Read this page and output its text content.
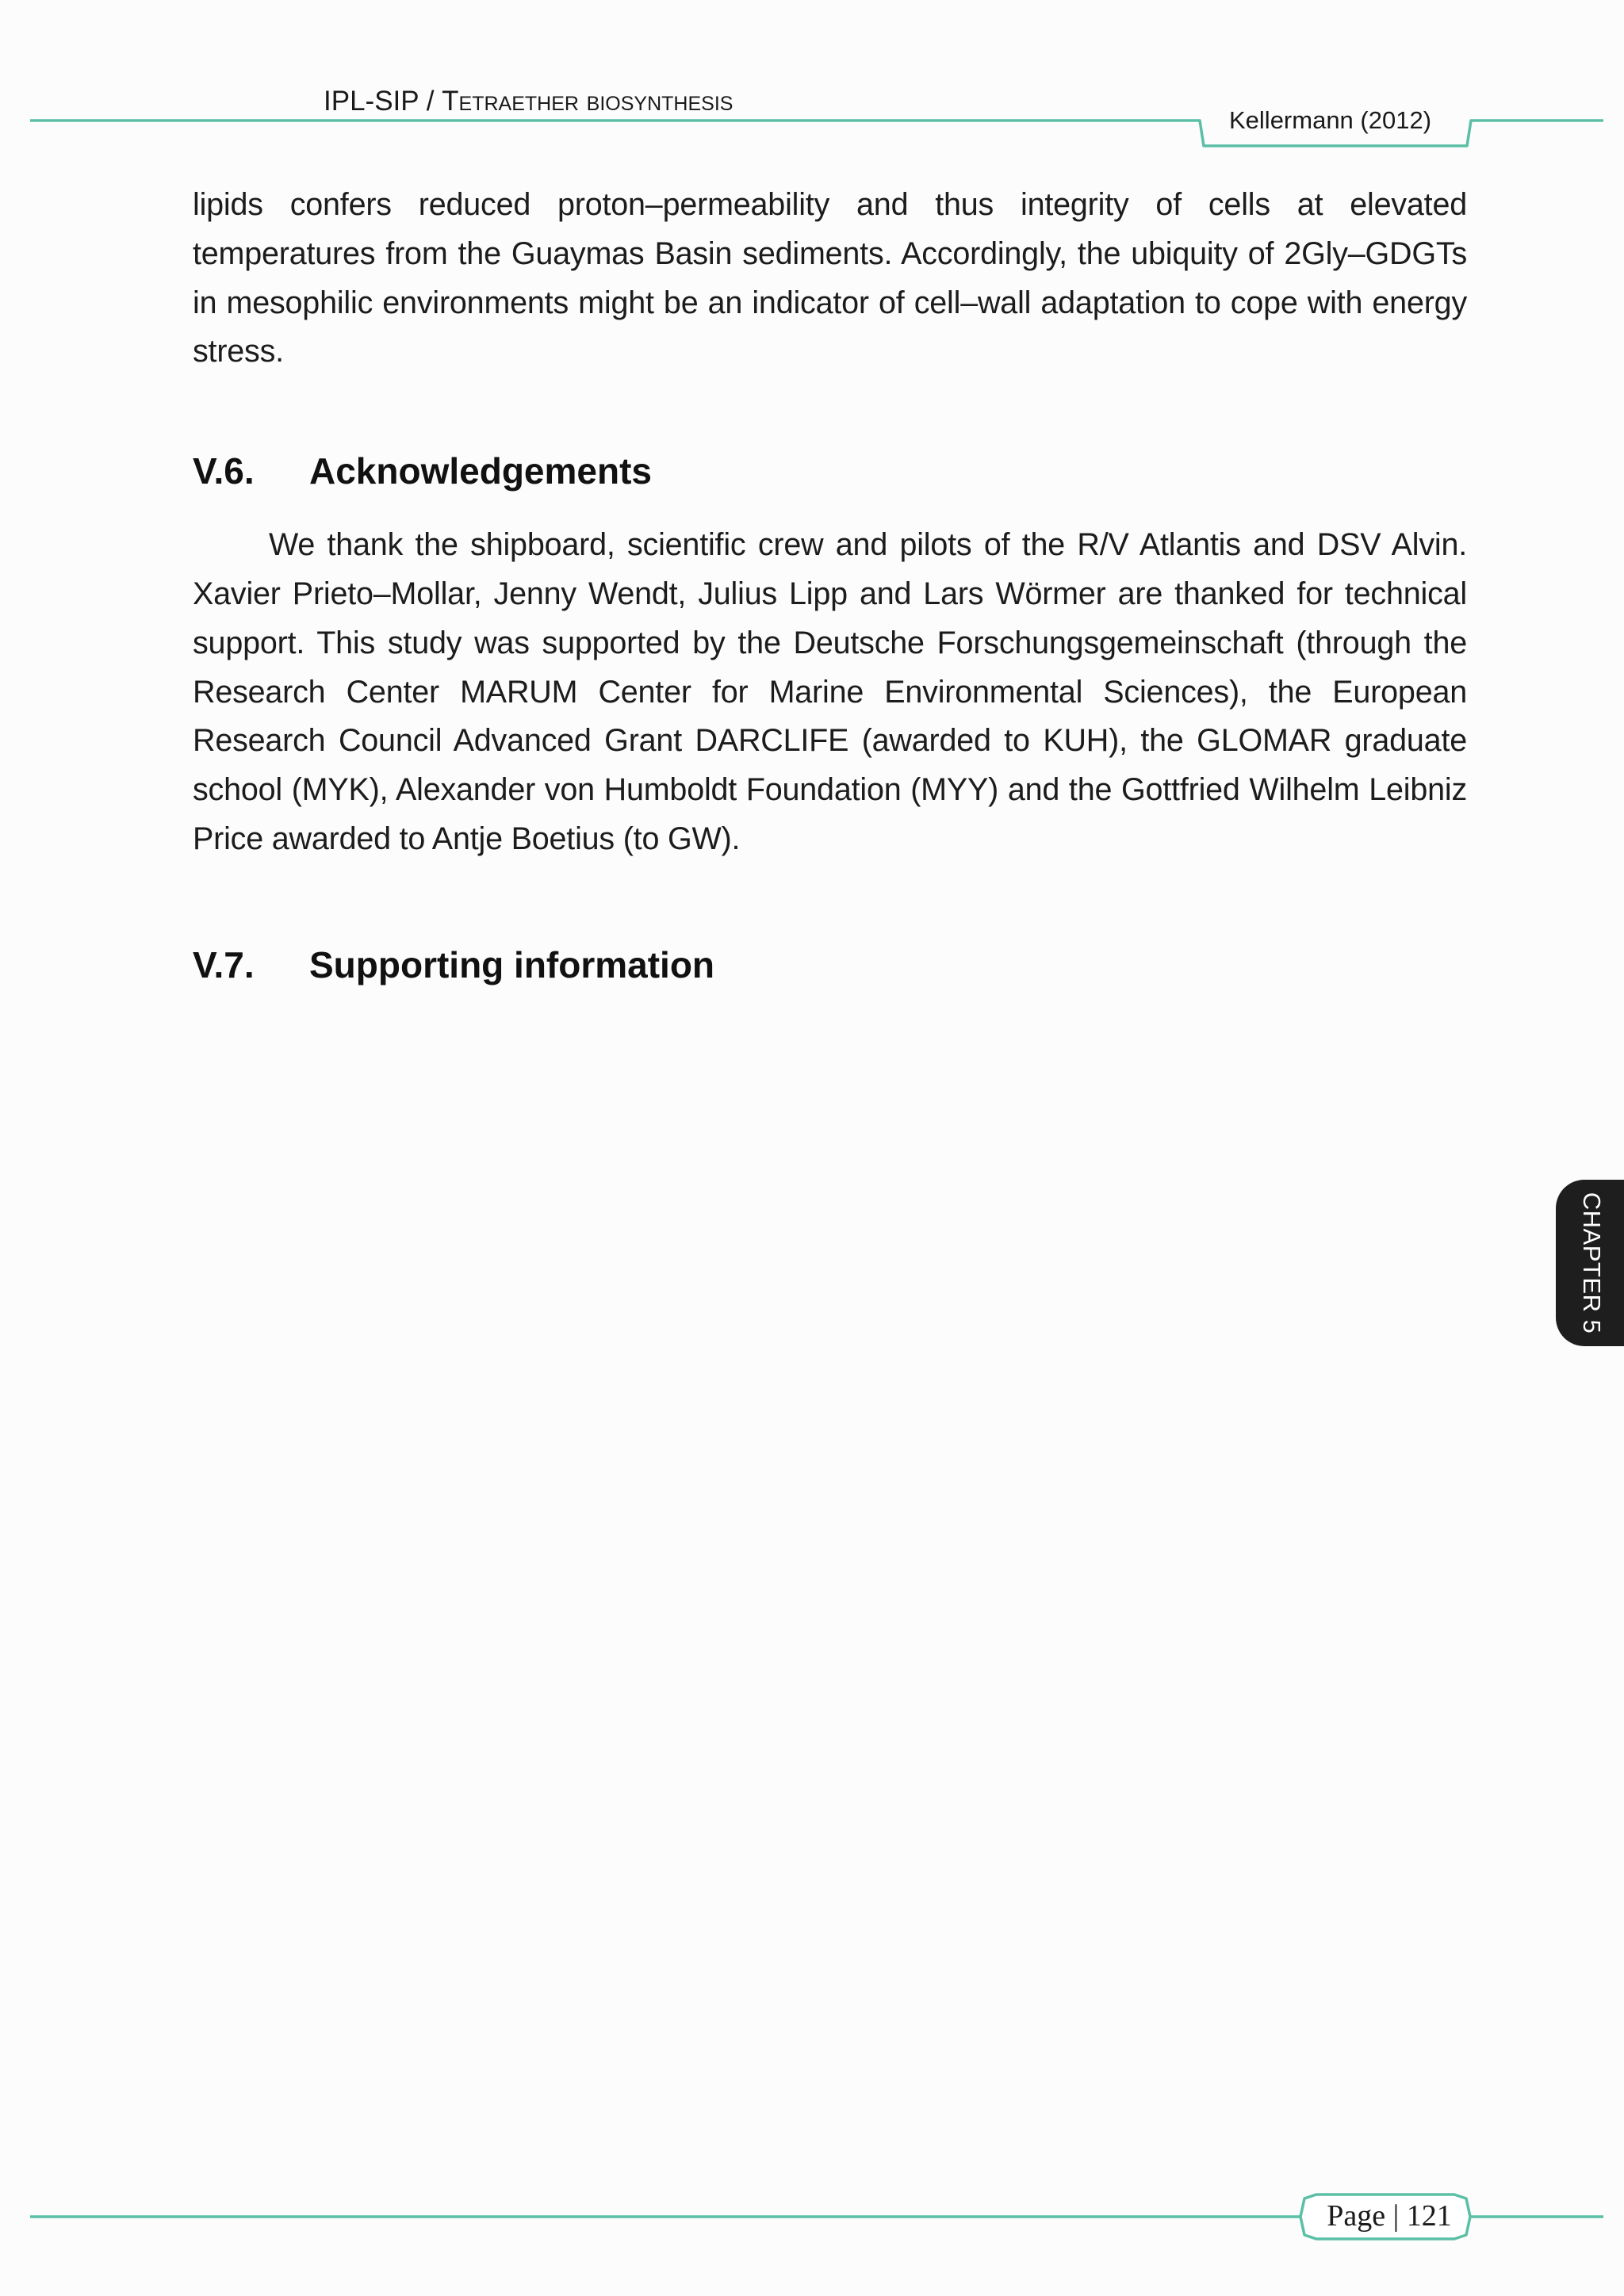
IPL-SIP / Tetraether biosynthesis
Kellermann (2012)

lipids confers reduced proton–permeability and thus integrity of cells at elevated temperatures from the Guaymas Basin sediments. Accordingly, the ubiquity of 2Gly–GDGTs in mesophilic environments might be an indicator of cell–wall adaptation to cope with energy stress.

V.6. Acknowledgements

We thank the shipboard, scientific crew and pilots of the R/V Atlantis and DSV Alvin. Xavier Prieto–Mollar, Jenny Wendt, Julius Lipp and Lars Wörmer are thanked for technical support. This study was supported by the Deutsche Forschungsgemeinschaft (through the Research Center MARUM Center for Marine Environmental Sciences), the European Research Council Advanced Grant DARCLIFE (awarded to KUH), the GLOMAR graduate school (MYK), Alexander von Humboldt Foundation (MYY) and the Gottfried Wilhelm Leibniz Price awarded to Antje Boetius (to GW).

V.7. Supporting information
CHAPTER 5
Page | 121
